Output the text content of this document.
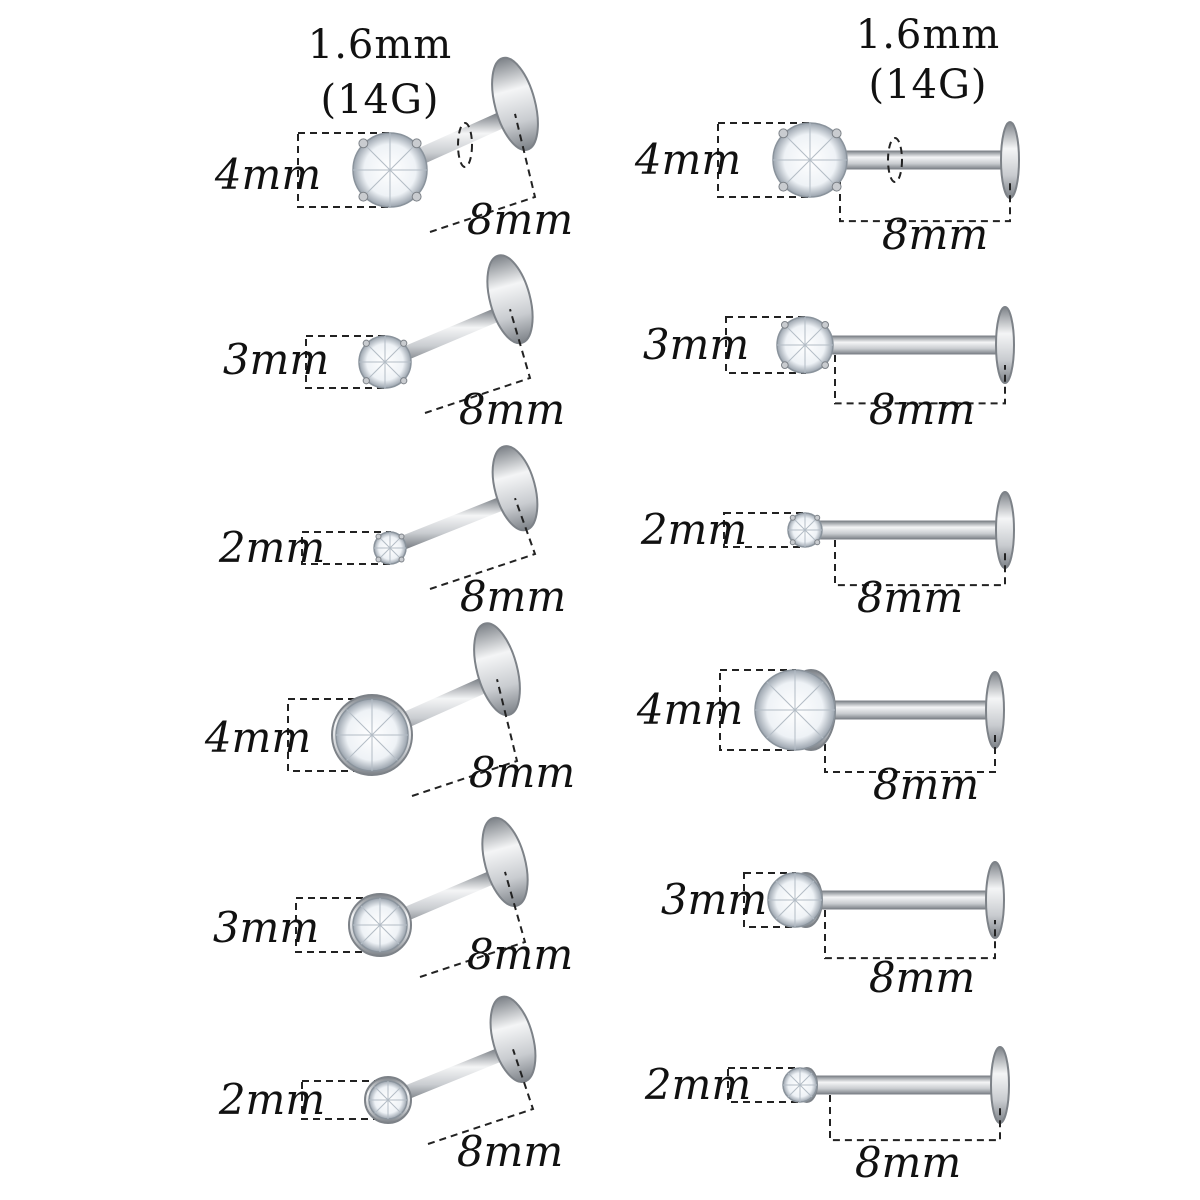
1.6mm
(14G)
4mm
8mm
3mm
8mm
2mm
8mm
4mm
8mm
3mm
8mm
2mm
8mm
1.6mm
(14G)
4mm
8mm
3mm
8mm
2mm
8mm
4mm
8mm
3mm
8mm
2mm
8mm
